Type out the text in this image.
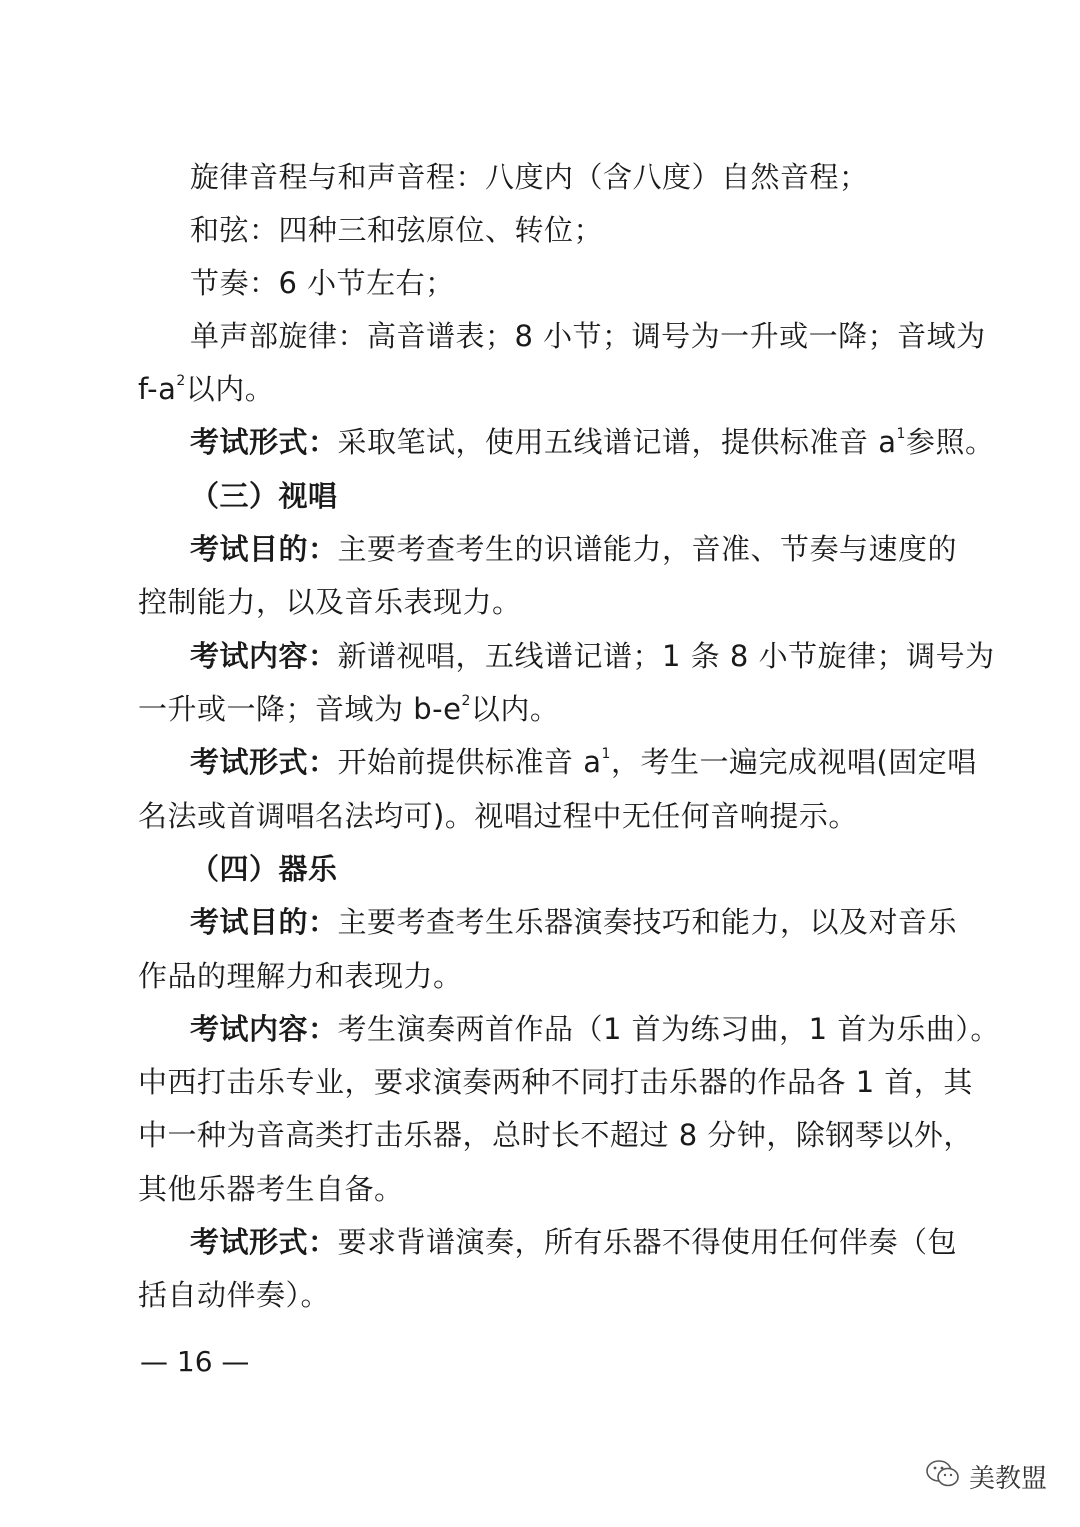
旋律音程与和声音程：八度内（含八度）自然音程；
和弦：四种三和弦原位、转位；
节奏：6 小节左右；
单声部旋律：高音谱表；8 小节；调号为一升或一降；音域为
$f-a^2$以内。
考试形式：采取笔试，使用五线谱记谱，提供标准音 $a^1$参照。
（三）视唱
考试目的：主要考查考生的识谱能力，音准、节奏与速度的
控制能力，以及音乐表现力。
考试内容：新谱视唱，五线谱记谱；1 条 8 小节旋律；调号为
一升或一降；音域为 $b-e^2$以内。
考试形式：开始前提供标准音 $a^1$，考生一遍完成视唱(固定唱
名法或首调唱名法均可)。视唱过程中无任何音响提示。
（四）器乐
考试目的：主要考查考生乐器演奏技巧和能力，以及对音乐
作品的理解力和表现力。
考试内容：考生演奏两首作品（1 首为练习曲，1 首为乐曲）。
中西打击乐专业，要求演奏两种不同打击乐器的作品各 1 首，其
中一种为音高类打击乐器，总时长不超过 8 分钟，除钢琴以外，
其他乐器考生自备。
考试形式：要求背谱演奏，所有乐器不得使用任何伴奏（包
括自动伴奏）。
— 16 —
美教盟
